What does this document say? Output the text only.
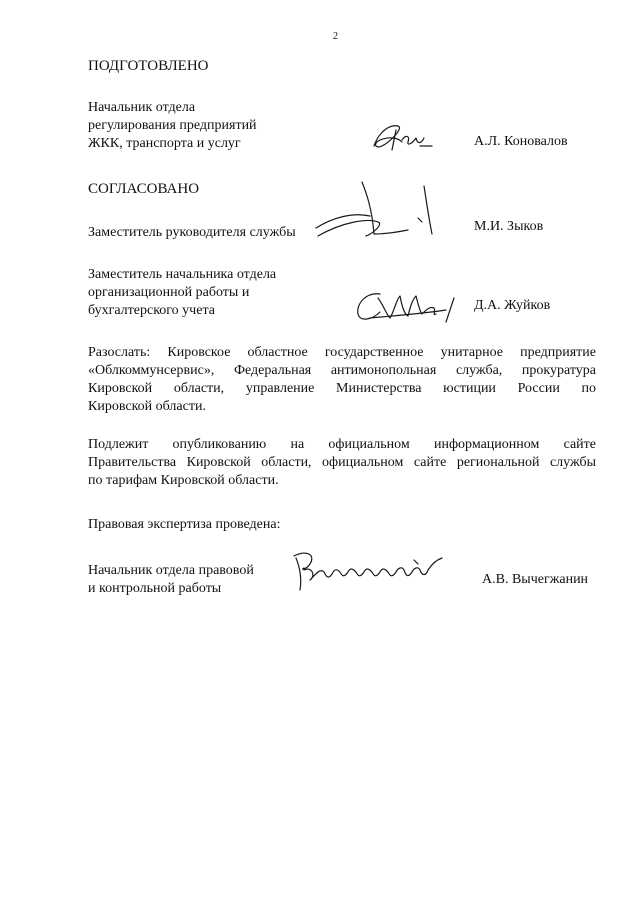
2
ПОДГОТОВЛЕНО
Начальник отдела
регулирования предприятий
ЖКК, транспорта и услуг	А.Л. Коновалов
СОГЛАСОВАНО
Заместитель руководителя службы	М.И. Зыков
Заместитель начальника отдела
организационной работы и
бухгалтерского учета	Д.А. Жуйков
Разослать: Кировское областное государственное унитарное предприятие
«Облкоммунсервис», Федеральная антимонопольная служба, прокуратура
Кировской области, управление Министерства юстиции России по
Кировской области.
Подлежит опубликованию на официальном информационном сайте
Правительства Кировской области, официальном сайте региональной службы
по тарифам Кировской области.
Правовая экспертиза проведена:
Начальник отдела правовой
и контрольной работы
А.В. Вычегжанин
